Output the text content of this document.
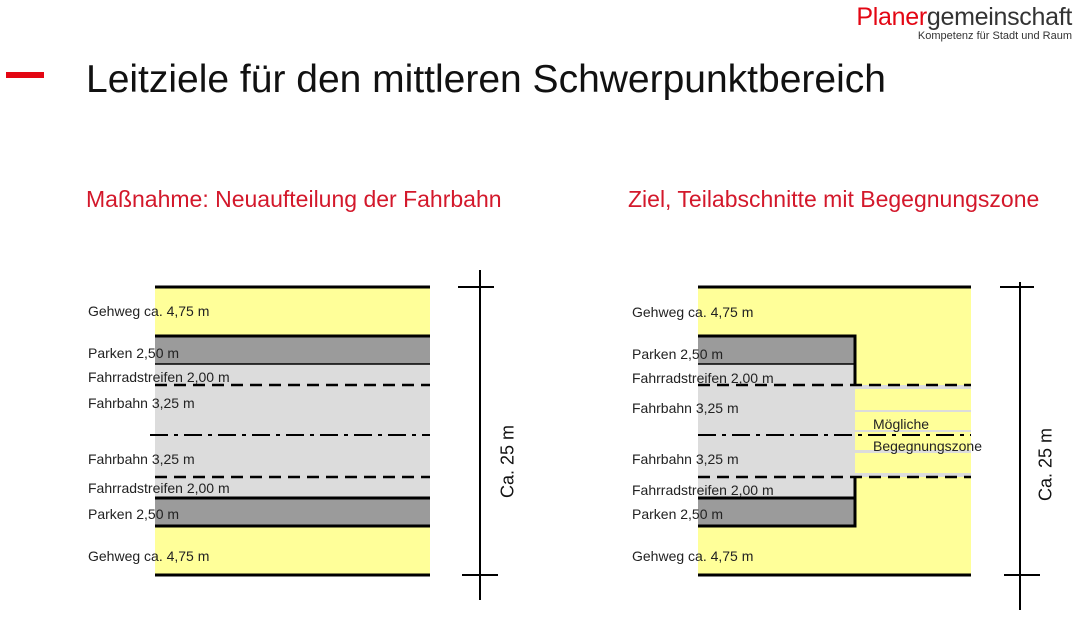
Planergemeinschaft
Kompetenz für Stadt und Raum
Leitziele für den mittleren Schwerpunktbereich
Maßnahme: Neuaufteilung der Fahrbahn	Ziel, Teilabschnitte mit Begegnungszone
Gehweg ca. 4,75 m
Parken 2,50 m
Fahrradstreifen 2,00 m
Fahrbahn 3,25 m
Fahrbahn 3,25 m
Fahrradstreifen 2,00 m
Parken 2,50 m
Gehweg ca. 4,75 m
Ca. 25 m
Gehweg ca. 4,75 m
Parken 2,50 m
Fahrradstreifen 2,00 m
Fahrbahn 3,25 m
Fahrbahn 3,25 m
Fahrradstreifen 2,00 m
Parken 2,50 m
Gehweg ca. 4,75 m
Mögliche
Begegnungszone	Ca. 25 m
